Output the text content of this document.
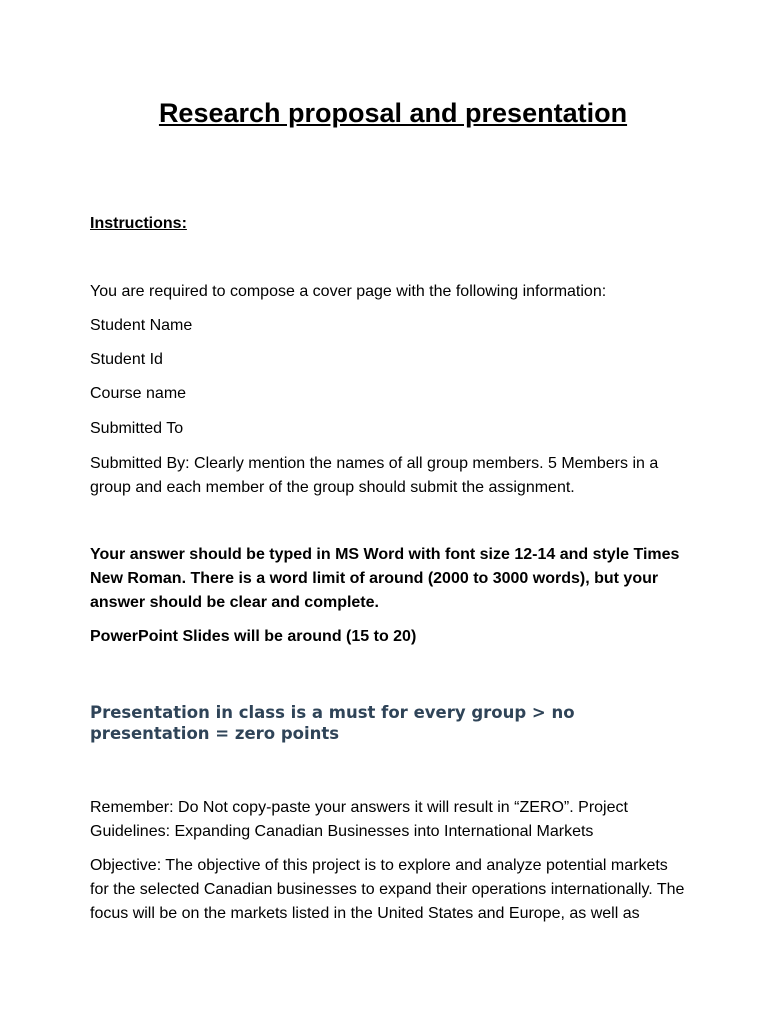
Research proposal and presentation

Instructions:

You are required to compose a cover page with the following information:

Student Name

Student Id

Course name

Submitted To

Submitted By: Clearly mention the names of all group members. 5 Members in a group and each member of the group should submit the assignment.

Your answer should be typed in MS Word with font size 12-14 and style Times New Roman. There is a word limit of around (2000 to 3000 words), but your answer should be clear and complete.

PowerPoint Slides will be around (15 to 20)

Presentation in class is a must for every group > no presentation = zero points

Remember: Do Not copy-paste your answers it will result in “ZERO”. Project Guidelines: Expanding Canadian Businesses into International Markets

Objective: The objective of this project is to explore and analyze potential markets for the selected Canadian businesses to expand their operations internationally. The focus will be on the markets listed in the United States and Europe, as well as
